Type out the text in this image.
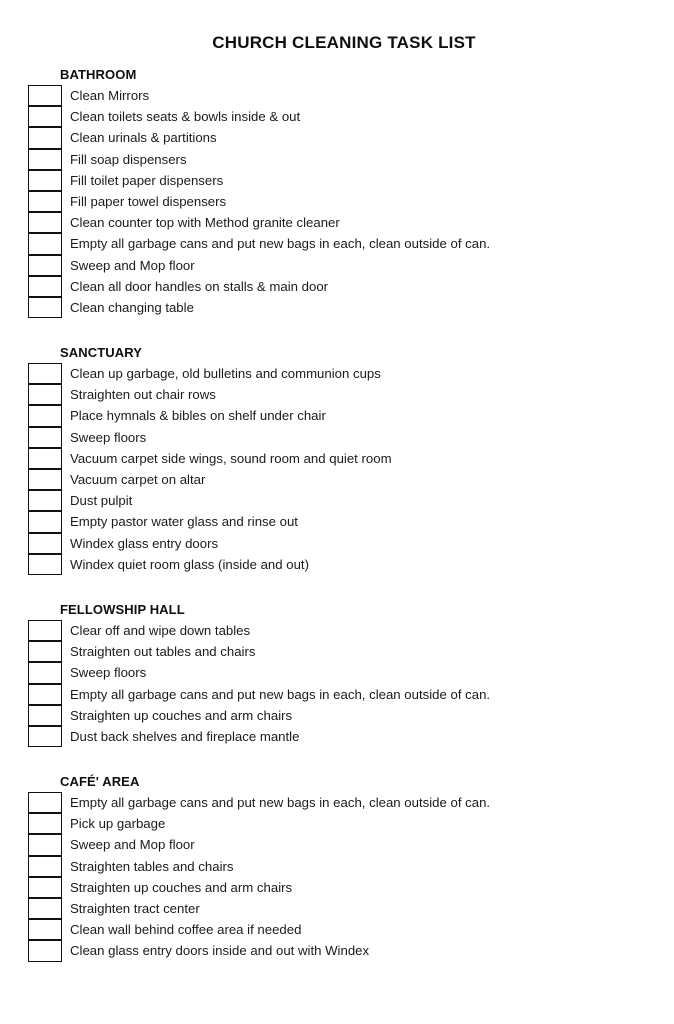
CHURCH CLEANING TASK LIST
BATHROOM
Clean Mirrors
Clean toilets seats & bowls inside & out
Clean urinals & partitions
Fill soap dispensers
Fill toilet paper dispensers
Fill paper towel dispensers
Clean counter top with Method granite cleaner
Empty all garbage cans and put new bags in each, clean outside of can.
Sweep and Mop floor
Clean all door handles on stalls & main door
Clean changing table
SANCTUARY
Clean up garbage, old bulletins and communion cups
Straighten out chair rows
Place hymnals & bibles on shelf under chair
Sweep floors
Vacuum carpet side wings, sound room and quiet room
Vacuum carpet on altar
Dust pulpit
Empty pastor water glass and rinse out
Windex glass entry doors
Windex quiet room glass (inside and out)
FELLOWSHIP HALL
Clear off and wipe down tables
Straighten out tables and chairs
Sweep floors
Empty all garbage cans and put new bags in each, clean outside of can.
Straighten up couches and arm chairs
Dust back shelves and fireplace mantle
CAFÉ' AREA
Empty all garbage cans and put new bags in each, clean outside of can.
Pick up garbage
Sweep and Mop floor
Straighten tables and chairs
Straighten up couches and arm chairs
Straighten tract center
Clean wall behind coffee area if needed
Clean glass entry doors inside and out with Windex
